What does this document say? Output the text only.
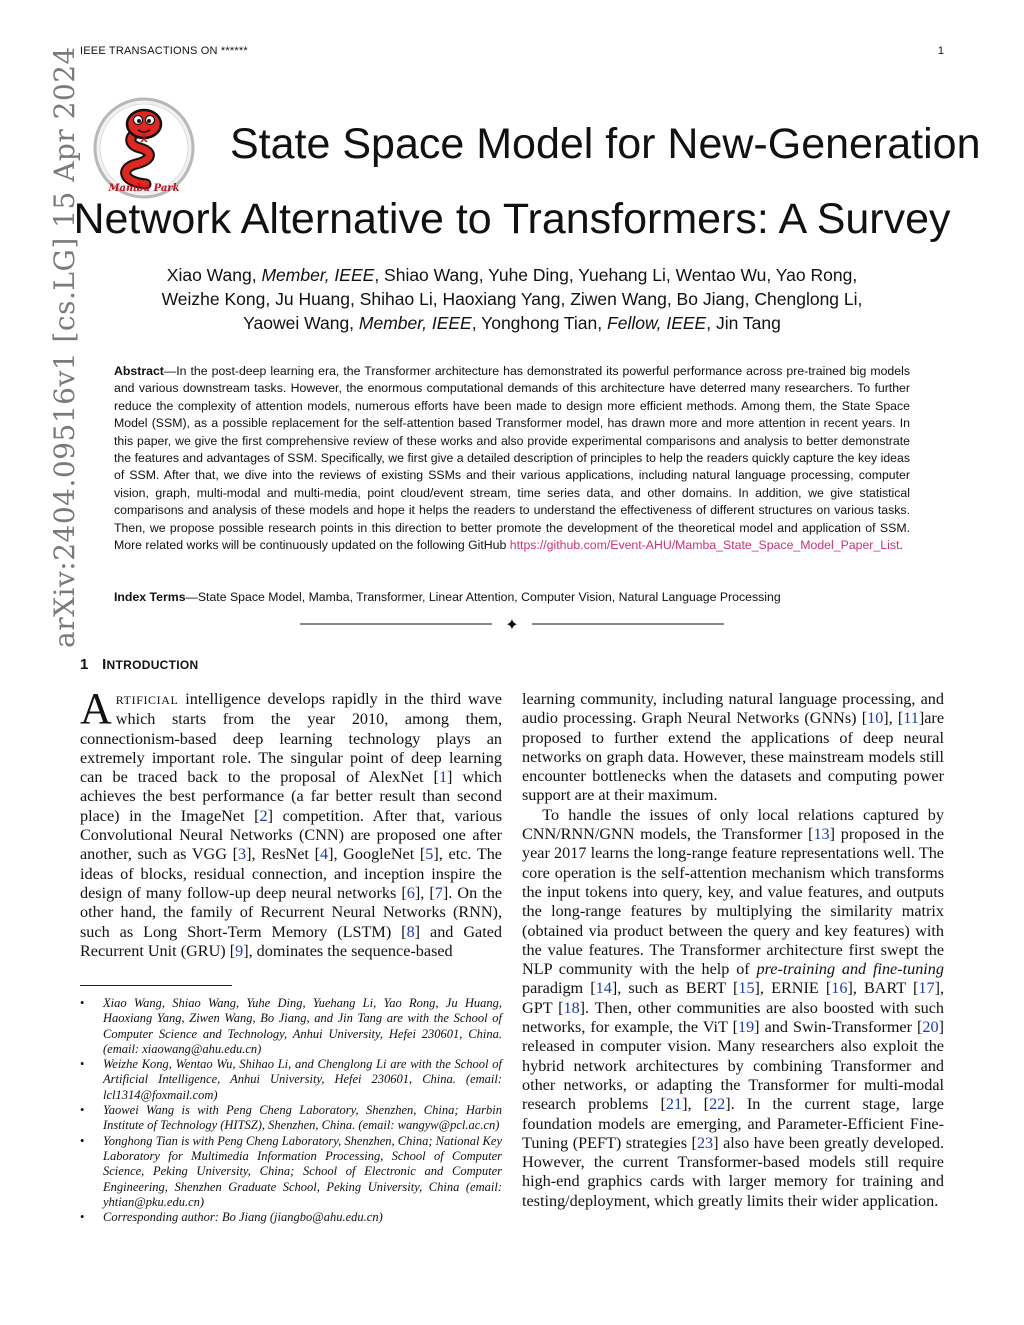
IEEE TRANSACTIONS ON ******	1
arXiv:2404.09516v1 [cs.LG] 15 Apr 2024	Mamba Park
State Space Model for New-Generation
Network Alternative to Transformers: A Survey

Xiao Wang, Member, IEEE, Shiao Wang, Yuhe Ding, Yuehang Li, Wentao Wu, Yao Rong,

Weizhe Kong, Ju Huang, Shihao Li, Haoxiang Yang, Ziwen Wang, Bo Jiang, Chenglong Li,

Yaowei Wang, Member, IEEE, Yonghong Tian, Fellow, IEEE, Jin Tang

Abstract—In the post-deep learning era, the Transformer architecture has demonstrated its powerful performance across pre-trained big models and various downstream tasks. However, the enormous computational demands of this architecture have deterred many researchers. To further reduce the complexity of attention models, numerous efforts have been made to design more efficient methods. Among them, the State Space Model (SSM), as a possible replacement for the self-attention based Transformer model, has drawn more and more attention in recent years. In this paper, we give the first comprehensive review of these works and also provide experimental comparisons and analysis to better demonstrate the features and advantages of SSM. Specifically, we first give a detailed description of principles to help the readers quickly capture the key ideas of SSM. After that, we dive into the reviews of existing SSMs and their various applications, including natural language processing, computer vision, graph, multi-modal and multi-media, point cloud/event stream, time series data, and other domains. In addition, we give statistical comparisons and analysis of these models and hope it helps the readers to understand the effectiveness of different structures on various tasks. Then, we propose possible research points in this direction to better promote the development of the theoretical model and application of SSM. More related works will be continuously updated on the following GitHub https://github.com/Event-AHU/Mamba_State_Space_Model_Paper_List.
Index Terms—State Space Model, Mamba, Transformer, Linear Attention, Computer Vision, Natural Language Processing
✦
1 INTRODUCTION

ARTIFICIAL intelligence develops rapidly in the third wave which starts from the year 2010, among them, connectionism-based deep learning technology plays an extremely important role. The singular point of deep learning can be traced back to the proposal of AlexNet [1] which achieves the best performance (a far better result than second place) in the ImageNet [2] competition. After that, various Convolutional Neural Networks (CNN) are proposed one after another, such as VGG [3], ResNet [4], GoogleNet [5], etc. The ideas of blocks, residual connection, and inception inspire the design of many follow-up deep neural networks [6], [7]. On the other hand, the family of Recurrent Neural Networks (RNN), such as Long Short-Term Memory (LSTM) [8] and Gated Recurrent Unit (GRU) [9], dominates the sequence-based

• Xiao Wang, Shiao Wang, Yuhe Ding, Yuehang Li, Yao Rong, Ju Huang, Haoxiang Yang, Ziwen Wang, Bo Jiang, and Jin Tang are with the School of Computer Science and Technology, Anhui University, Hefei 230601, China. (email: xiaowang@ahu.edu.cn)
• Weizhe Kong, Wentao Wu, Shihao Li, and Chenglong Li are with the School of Artificial Intelligence, Anhui University, Hefei 230601, China. (email: lcl1314@foxmail.com)
• Yaowei Wang is with Peng Cheng Laboratory, Shenzhen, China; Harbin Institute of Technology (HITSZ), Shenzhen, China. (email: wangyw@pcl.ac.cn)
• Yonghong Tian is with Peng Cheng Laboratory, Shenzhen, China; National Key Laboratory for Multimedia Information Processing, School of Computer Science, Peking University, China; School of Electronic and Computer Engineering, Shenzhen Graduate School, Peking University, China (email: yhtian@pku.edu.cn)
• Corresponding author: Bo Jiang (jiangbo@ahu.edu.cn)

learning community, including natural language processing, and audio processing. Graph Neural Networks (GNNs) [10], [11]are proposed to further extend the applications of deep neural networks on graph data. However, these mainstream models still encounter bottlenecks when the datasets and computing power support are at their maximum.

To handle the issues of only local relations captured by CNN/RNN/GNN models, the Transformer [13] proposed in the year 2017 learns the long-range feature representations well. The core operation is the self-attention mechanism which transforms the input tokens into query, key, and value features, and outputs the long-range features by multiplying the similarity matrix (obtained via product between the query and key features) with the value features. The Transformer architecture first swept the NLP community with the help of pre-training and fine-tuning paradigm [14], such as BERT [15], ERNIE [16], BART [17], GPT [18]. Then, other communities are also boosted with such networks, for example, the ViT [19] and Swin-Transformer [20] released in computer vision. Many researchers also exploit the hybrid network architectures by combining Transformer and other networks, or adapting the Transformer for multi-modal research problems [21], [22]. In the current stage, large foundation models are emerging, and Parameter-Efficient Fine-Tuning (PEFT) strategies [23] also have been greatly developed. However, the current Transformer-based models still require high-end graphics cards with larger memory for training and testing/deployment, which greatly limits their wider application.
